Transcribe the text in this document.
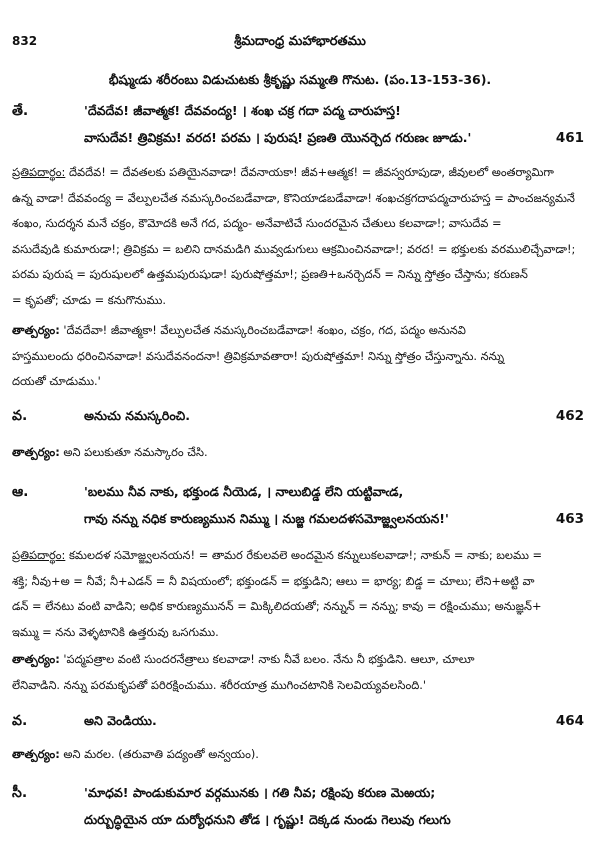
832	శ్రీమదాంధ్ర మహాభారతము
భీష్ముఁడు శరీరంబు విడుచుటకు శ్రీకృష్ణు సమ్మఁతి గొనుట. (పం.13-153-36).
తే.	'దేవదేవ! జీవాత్మక! దేవవంద్య! । శంఖ చక్ర గదా పద్మ చారుహస్త!
వాసుదేవ! త్రివిక్రమ! వరద! పరమ । పురుష! ప్రణతి యొనర్చెద గరుణఁ జూడు.'	461

ప్రతిపదార్థం: దేవదేవ! = దేవతలకు పతియైనవాడా! దేవనాయకా! జీవ+ఆత్మక! = జీవస్వరూపుడా, జీవులలో అంతర్యామిగా

ఉన్న వాడా! దేవవంద్య = వేల్పులచేత నమస్కరించబడేవాడా, కొనియాడబడేవాడా! శంఖచక్రగదాపద్మచారుహస్త = పాంచజన్యమనే

శంఖం, సుదర్శన మనే చక్రం, కౌమోదకి అనే గద, పద్మం- అనేవాటిచే సుందరమైన చేతులు కలవాడా!; వాసుదేవ =

వసుదేవుడి కుమారుడా!; త్రివిక్రమ = బలిని దానమడిగి మువ్వడుగులు ఆక్రమించినవాడా!; వరద! = భక్తులకు వరములిచ్చేవాడా!;

పరమ పురుష = పురుషులలో ఉత్తమపురుషుడా! పురుషోత్తమా!; ప్రణతి+ఒనర్చెదన్ = నిన్ను స్తోత్రం చేస్తాను; కరుణన్

= కృపతో; చూడు = కనుగొనుము.

తాత్పర్యం: 'దేవదేవా! జీవాత్మకా! వేల్పులచేత నమస్కరించబడేవాడా! శంఖం, చక్రం, గద, పద్మం అనునవి

హస్తములందు ధరించినవాడా! వసుదేవనందనా! త్రివిక్రమావతారా! పురుషోత్తమా! నిన్ను స్తోత్రం చేస్తున్నాను. నన్ను

దయతో చూడుము.'

వ.	అనుచు నమస్కరించి.	462

తాత్పర్యం: అని పలుకుతూ నమస్కారం చేసి.

ఆ.	'బలము నీవ నాకు, భక్తుండ నీయెడ, । నాలుబిడ్డ లేని యట్టివాఁడ,
గావు నన్ను నధిక కారుణ్యమున నిమ్ము । నుజ్జ గమలదళసమోజ్జ్వలనయన!'	463

ప్రతిపదార్థం: కమలదళ సమోజ్జ్వలనయన! = తామర రేకులవలె అందమైన కన్నులుకలవాడా!; నాకున్ = నాకు; బలము =

శక్తి; నీవు+అ = నీవే; నీ+ఎడన్ = నీ విషయంలో; భక్తుండన్ = భక్తుడిని; ఆలు = భార్య; బిడ్డ = చూలు; లేని+అట్టి వా

డన్ = లేనటు వంటి వాడిని; అధిక కారుణ్యమునన్ = మిక్కిలిదయతో; నన్నున్ = నన్ను; కావు = రక్షించుము; అనుజ్ఞన్+

ఇమ్ము = నను వెళ్ళటానికి ఉత్తరువు ఒసగుము.

తాత్పర్యం: 'పద్మపత్రాల వంటి సుందరనేత్రాలు కలవాడా! నాకు నీవే బలం. నేను నీ భక్తుడిని. ఆలూ, చూలూ

లేనివాడిని. నన్ను పరమకృపతో పరిరక్షించుము. శరీరయాత్ర ముగించటానికి సెలవియ్యవలసింది.'

వ.	అని వెండియు.	464

తాత్పర్యం: అని మరల. (తరువాతి పద్యంతో అన్వయం).

సీ.	'మాధవ! పాండుకుమార వర్గమునకు । గతి నీవ; రక్షింపు కరుణ మెఱయ;
దుర్బుద్ధియైన యా దుర్యోధనుని తోడ । గృష్ణు! దెక్కడ నుండు గెలువు గలుగు
